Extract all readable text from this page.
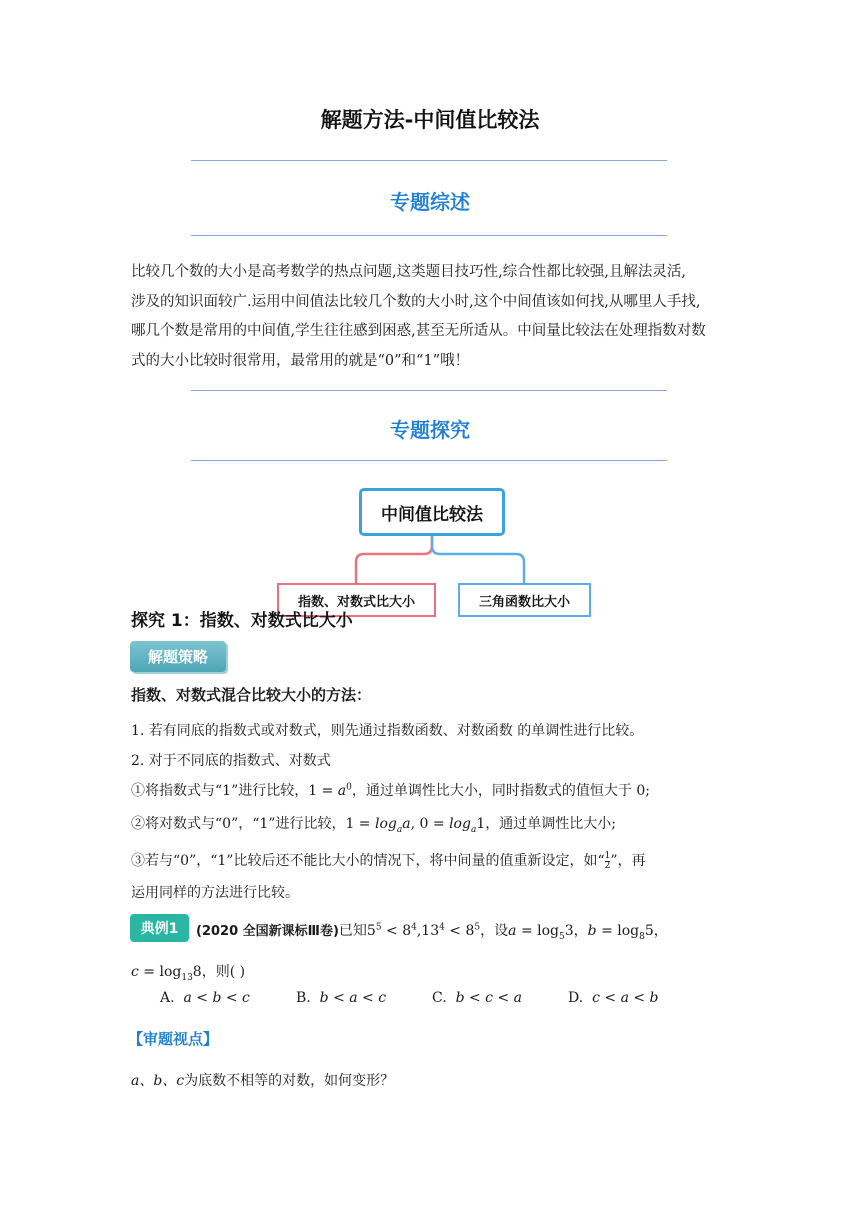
解题方法-中间值比较法
专题综述

比较几个数的大小是高考数学的热点问题,这类题目技巧性,综合性都比较强,且解法灵活,

涉及的知识面较广.运用中间值法比较几个数的大小时,这个中间值该如何找,从哪里人手找,

哪几个数是常用的中间值,学生往往感到困惑,甚至无所适从。中间量比较法在处理指数对数

式的大小比较时很常用，最常用的就是“0”和“1”哦！

专题探究
中间值比较法
指数、对数式比大小	三角函数比大小
探究 1：指数、对数式比大小
解题策略
指数、对数式混合比较大小的方法：
1. 若有同底的指数式或对数式，则先通过指数函数、对数函数 的单调性进行比较。
2. 对于不同底的指数式、对数式
①将指数式与“1”进行比较，$1 = a^0$，通过单调性比大小，同时指数式的值恒大于 0;
②将对数式与“0”，“1”进行比较，$1 = \log_aa$, $0 = \log_a1$，通过单调性比大小;
③若与“0”，“1”比较后还不能比大小的情况下，将中间量的值重新设定，如“ $\frac{1}{2}$ ”，再
运用同样的方法进行比较。
典例1	(2020 全国新课标Ⅲ卷)已知$5^5 < 8^4,13^4 < 8^5$，设$a = \log_53$，$b = \log_85$，
$c = \log_{13}8$，则( )
A. a < b < c	B. b < a < c	C. b < c < a	D. c < a < b
【审题视点】
a、b、c为底数不相等的对数，如何变形？
